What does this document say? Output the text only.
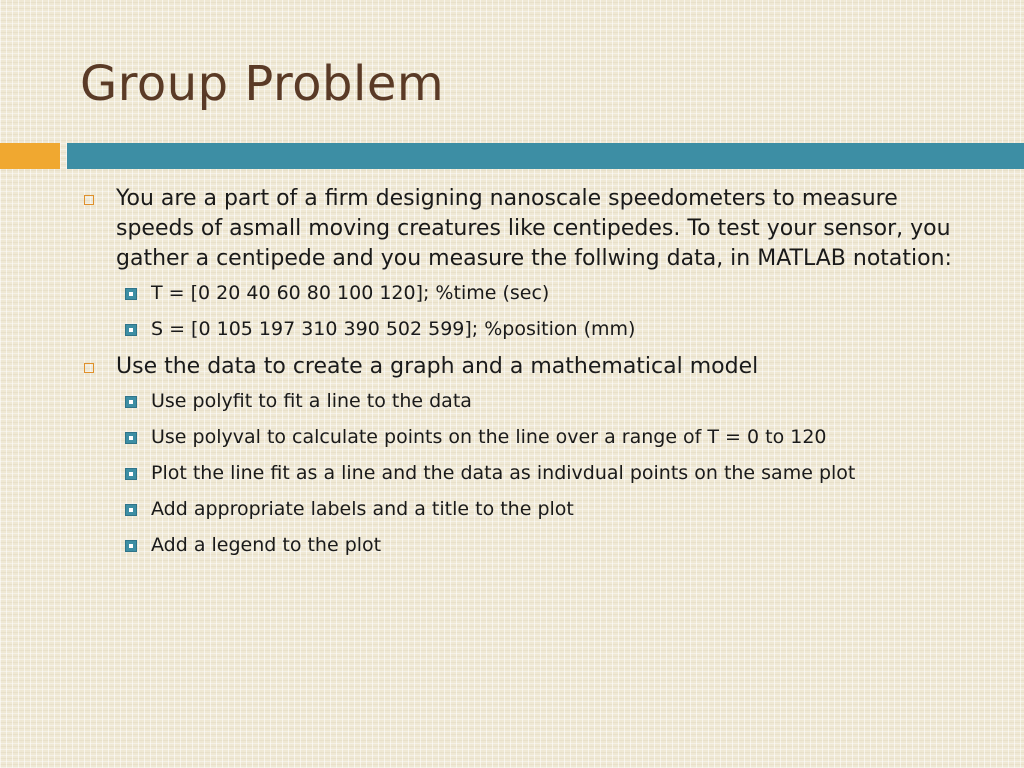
Group Problem
You are a part of a firm designing nanoscale speedometers to measure speeds of asmall moving creatures like centipedes. To test your sensor, you gather a centipede and you measure the follwing data, in MATLAB notation:
T = [0 20 40 60 80 100 120]; %time (sec)
S = [0 105 197 310 390 502 599]; %position (mm)
Use the data to create a graph and a mathematical model
Use polyfit to fit a line to the data
Use polyval to calculate points on the line over a range of T = 0 to 120
Plot the line fit as a line and the data as indivdual points on the same plot
Add appropriate labels and a title to the plot
Add a legend to the plot
